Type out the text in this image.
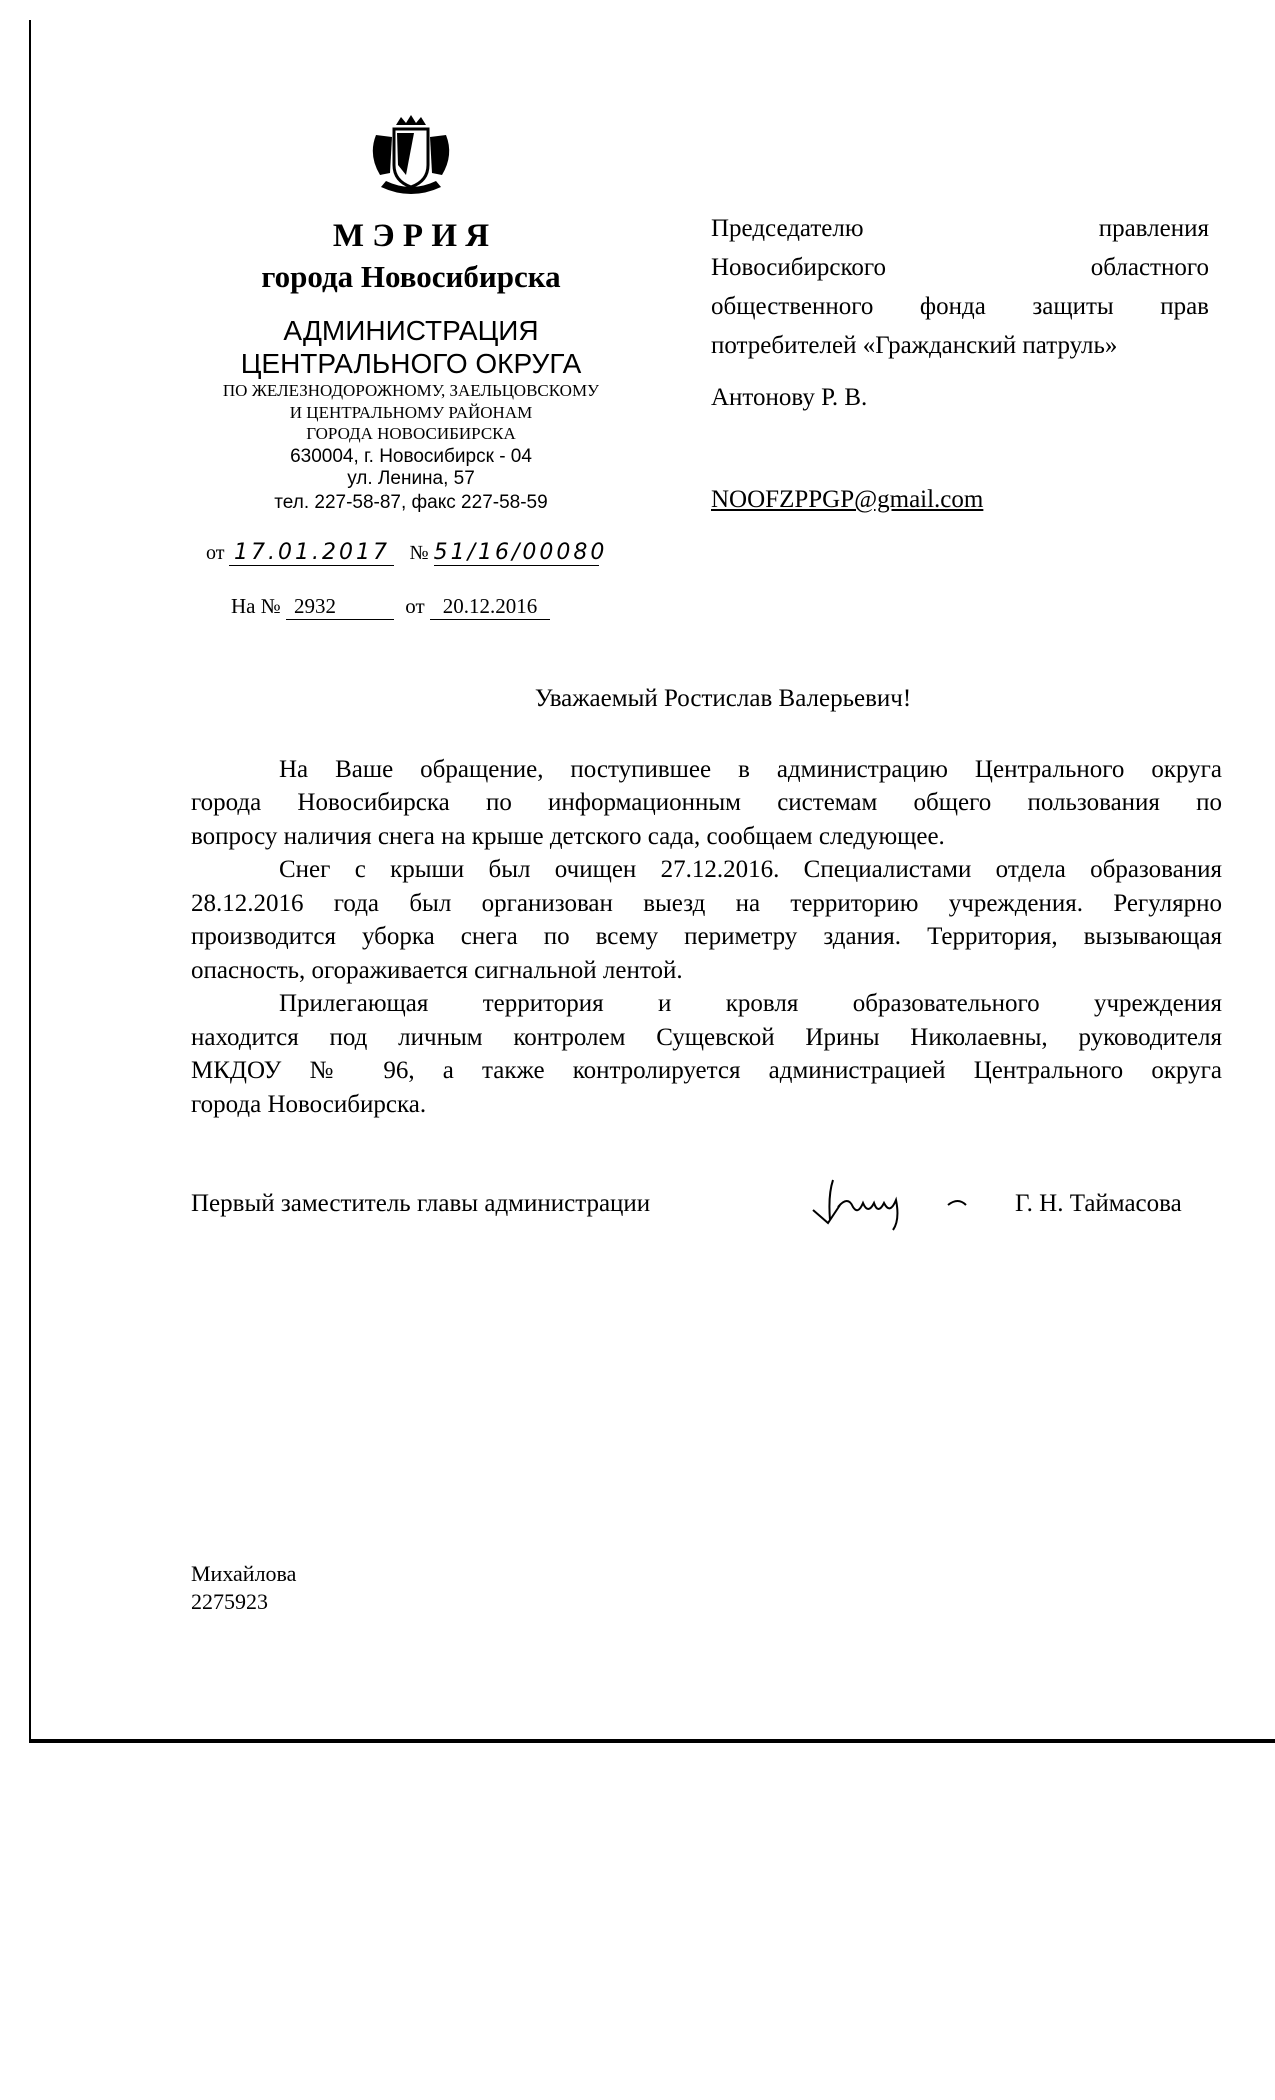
М Э Р И Я
города Новосибирска
АДМИНИСТРАЦИЯ
ЦЕНТРАЛЬНОГО ОКРУГА
ПО ЖЕЛЕЗНОДОРОЖНОМУ, ЗАЕЛЬЦОВСКОМУ
И ЦЕНТРАЛЬНОМУ РАЙОНАМ
ГОРОДА НОВОСИБИРСКА
630004, г. Новосибирск - 04
ул. Ленина, 57
тел. 227-58-87, факс 227-58-59
от 17.01.2017 № 51/16/00080
На № 2932	от 20.12.2016
Председателю правления
Новосибирского областного
общественного фонда защиты прав
потребителей «Гражданский патруль»
Антонову Р. В.
NOOFZPPGP@gmail.com
Уважаемый Ростислав Валерьевич!
На Ваше обращение, поступившее в администрацию Центрального округа
города Новосибирска по информационным системам общего пользования по
вопросу наличия снега на крыше детского сада, сообщаем следующее.
Снег с крыши был очищен 27.12.2016. Специалистами отдела образования
28.12.2016 года был организован выезд на территорию учреждения. Регулярно
производится уборка снега по всему периметру здания. Территория, вызывающая
опасность, огораживается сигнальной лентой.
Прилегающая территория и кровля образовательного учреждения
находится под личным контролем Сущевской Ирины Николаевны, руководителя
МКДОУ № 96, а также контролируется администрацией Центрального округа
города Новосибирска.
Первый заместитель главы администрации	Г. Н. Таймасова
Михайлова
2275923
